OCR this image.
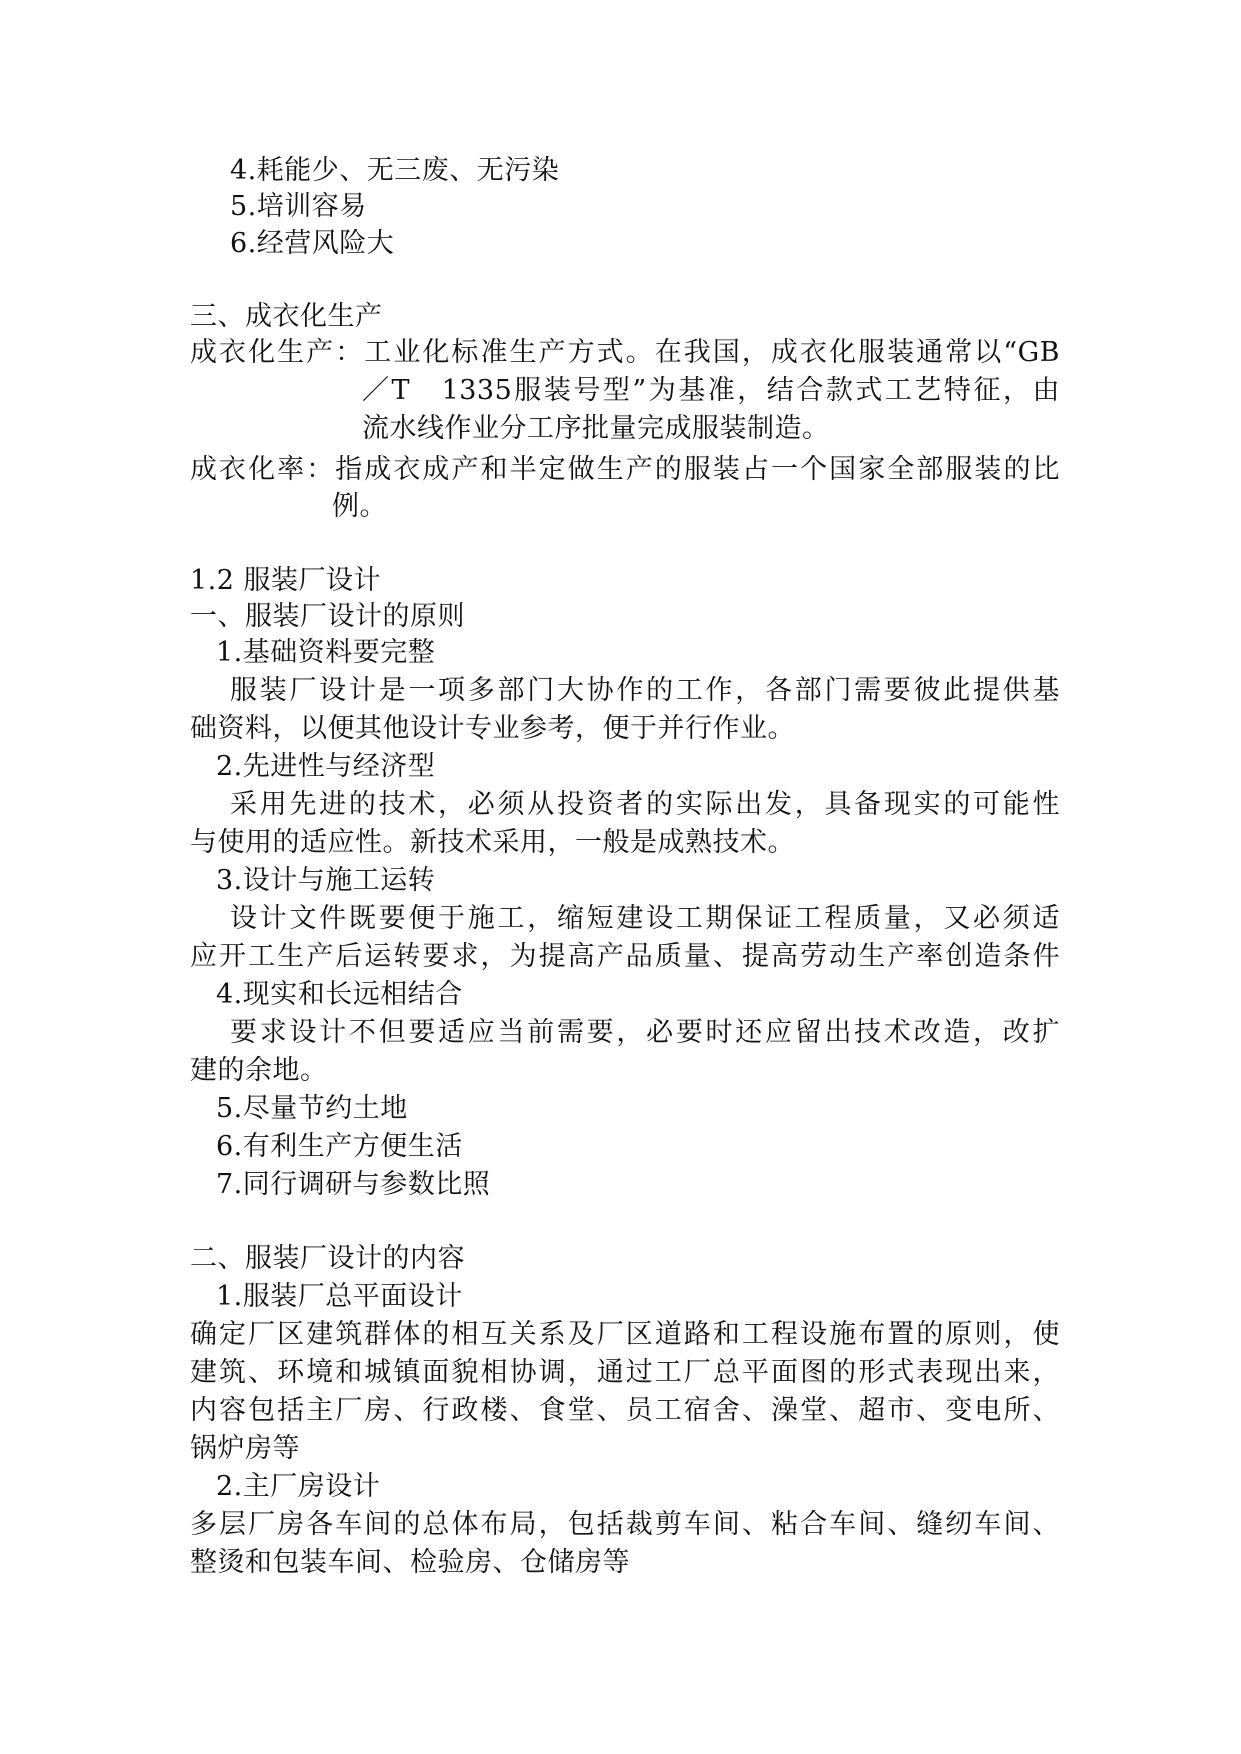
4.耗能少、无三废、无污染
5.培训容易
6.经营风险大
三、成衣化生产
成衣化生产：工业化标准生产方式。在我国，成衣化服装通常以“GB
／T　1335服装号型”为基准，结合款式工艺特征，由
流水线作业分工序批量完成服装制造。
成衣化率：指成衣成产和半定做生产的服装占一个国家全部服装的比
例。
1.2 服装厂设计
一、服装厂设计的原则
1.基础资料要完整
服装厂设计是一项多部门大协作的工作，各部门需要彼此提供基
础资料，以便其他设计专业参考，便于并行作业。
2.先进性与经济型
采用先进的技术，必须从投资者的实际出发，具备现实的可能性
与使用的适应性。新技术采用，一般是成熟技术。
3.设计与施工运转
设计文件既要便于施工，缩短建设工期保证工程质量，又必须适
应开工生产后运转要求，为提高产品质量、提高劳动生产率创造条件
4.现实和长远相结合
要求设计不但要适应当前需要，必要时还应留出技术改造，改扩
建的余地。
5.尽量节约土地
6.有利生产方便生活
7.同行调研与参数比照
二、服装厂设计的内容
1.服装厂总平面设计
确定厂区建筑群体的相互关系及厂区道路和工程设施布置的原则，使
建筑、环境和城镇面貌相协调，通过工厂总平面图的形式表现出来，
内容包括主厂房、行政楼、食堂、员工宿舍、澡堂、超市、变电所、
锅炉房等
2.主厂房设计
多层厂房各车间的总体布局，包括裁剪车间、粘合车间、缝纫车间、
整烫和包装车间、检验房、仓储房等
